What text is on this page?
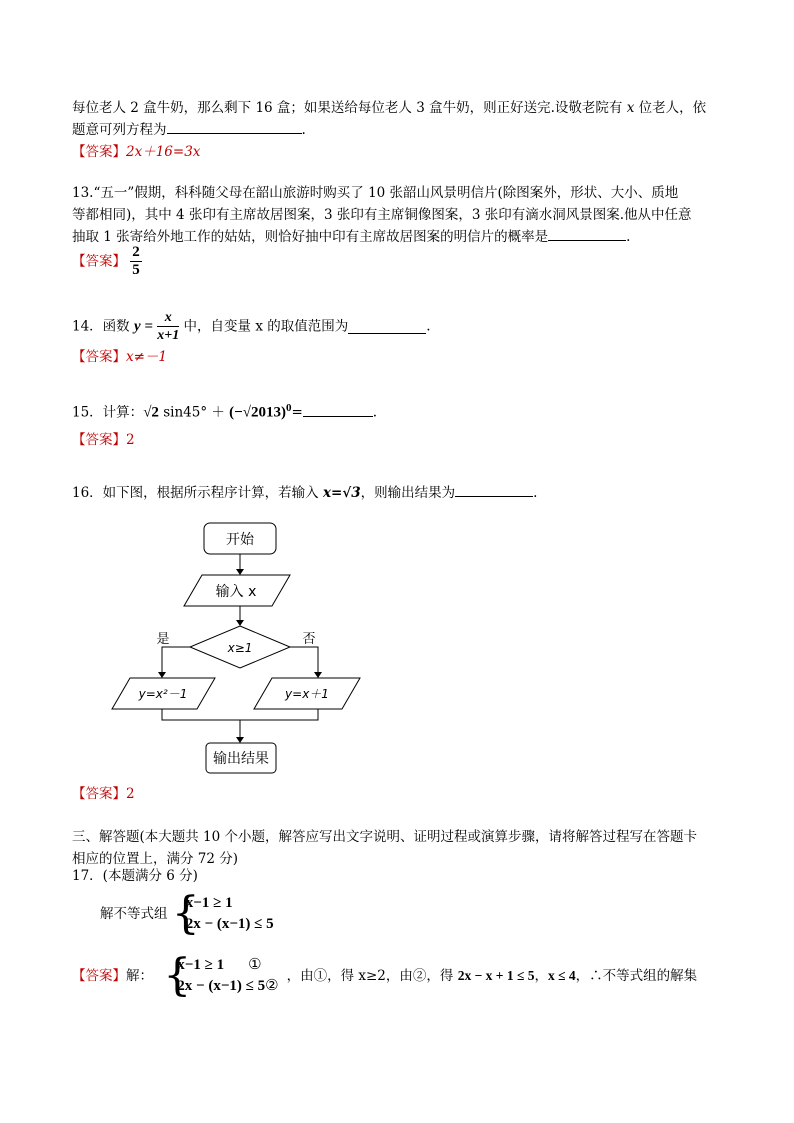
每位老人 2 盒牛奶，那么剩下 16 盒；如果送给每位老人 3 盒牛奶，则正好送完.设敬老院有 x 位老人，依
题意可列方程为	.
【答案】2x＋16=3x
13.“五一”假期，科科随父母在韶山旅游时购买了 10 张韶山风景明信片(除图案外，形状、大小、质地
等都相同)，其中 4 张印有主席故居图案，3 张印有主席铜像图案，3 张印有滴水洞风景图案.他从中任意
抽取 1 张寄给外地工作的姑姑，则恰好抽中印有主席故居图案的明信片的概率是	.
【答案】 $\frac{2}{5}$
14．函数 $y = \frac{x}{x+1}$ 中，自变量 x 的取值范围为	.
【答案】x≠－1
15．计算：√2 $\sin 45^\circ + (-√2013)^0=$	.
【答案】2
16．如下图，根据所示程序计算，若输入 x=√3，则输出结果为	.
开始
输入 x
x≥1
是	否
y=x²－1	y=x＋1
输出结果
【答案】2
三、解答题(本大题共 10 个小题，解答应写出文字说明、证明过程或演算步骤，请将解答过程写在答题卡
相应的位置上，满分 72 分)
17．(本题满分 6 分)
解不等式组 {
x−1 ≥ 1
2x − (x−1) ≤ 5
【答案】解： {
x−1 ≥ 1 ①
2x − (x−1) ≤ 5②
，由①，得 x≥2，由②，得 2x − x + 1 ≤ 5，x ≤ 4，∴不等式组的解集
